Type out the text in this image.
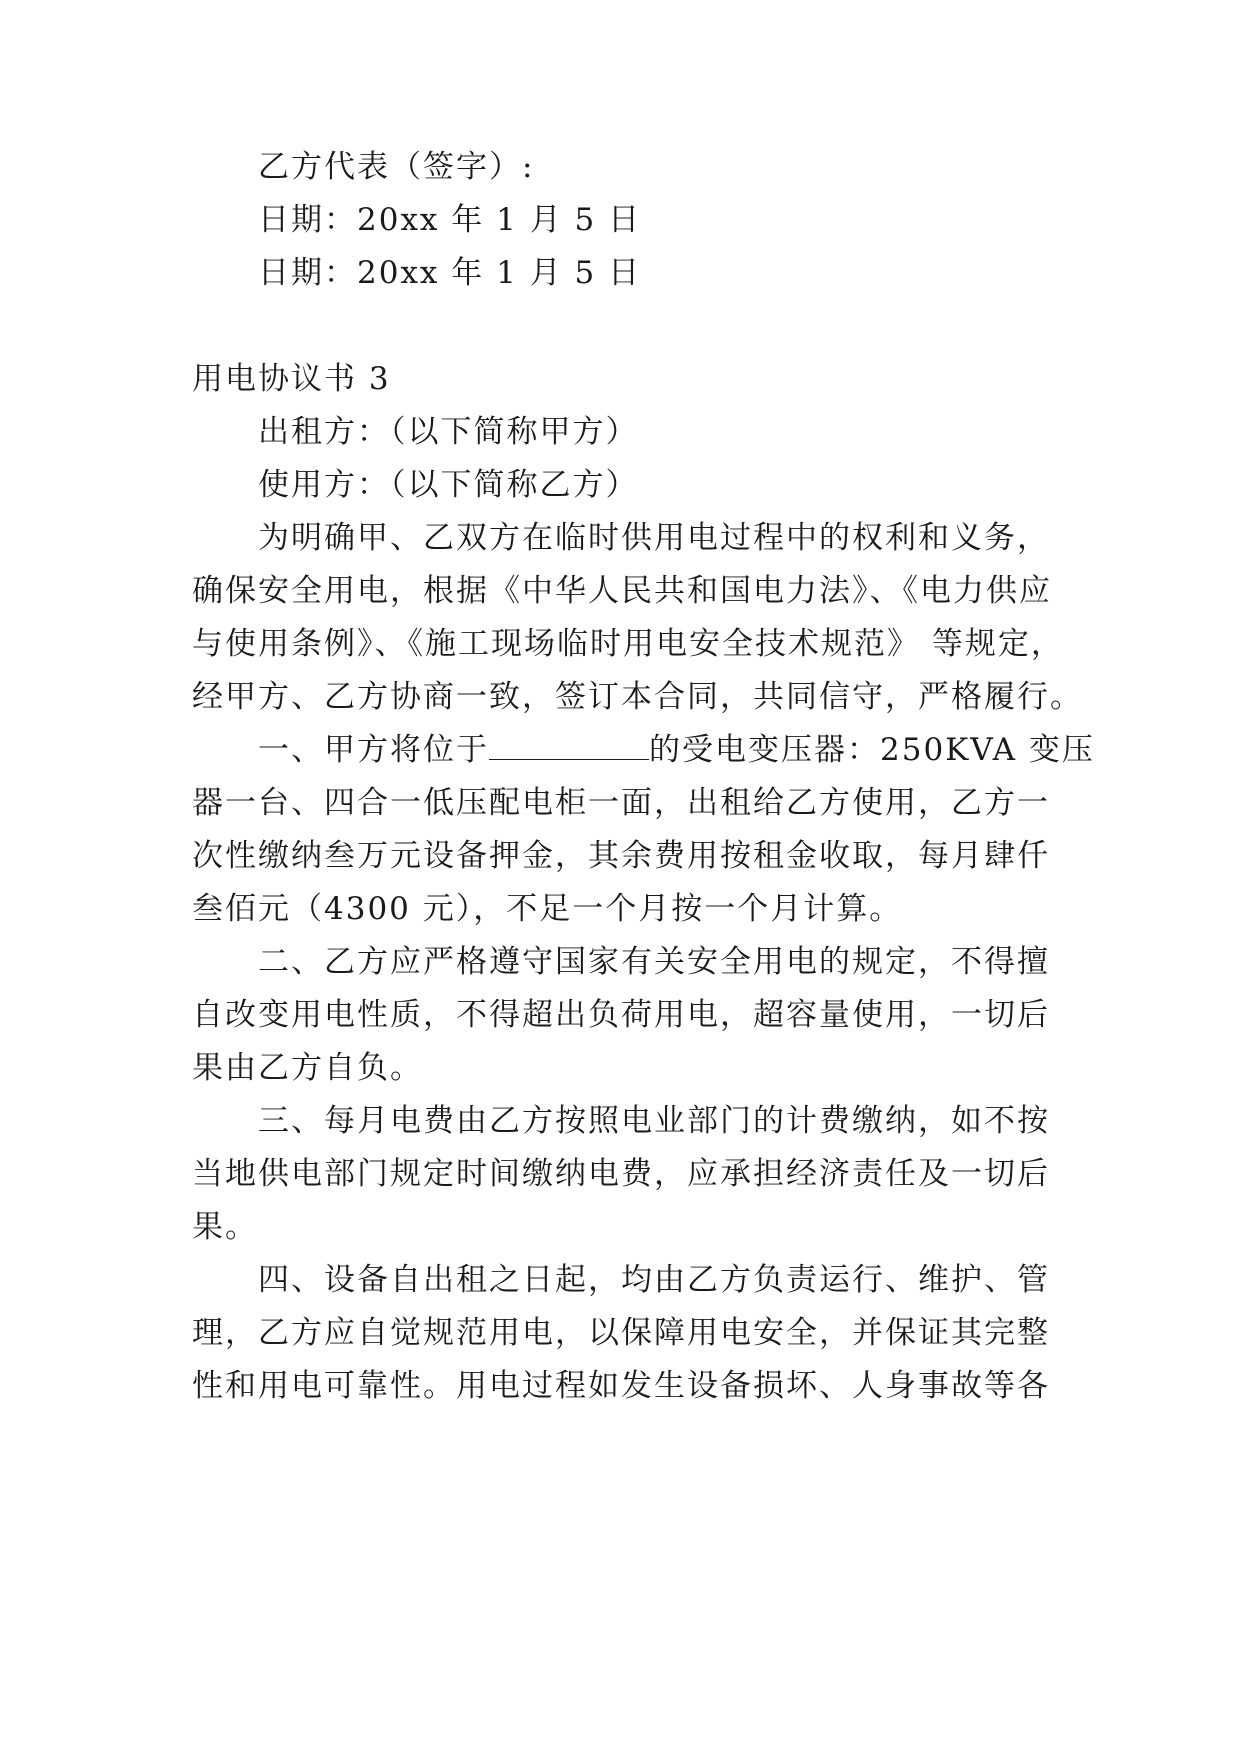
乙方代表（签字）:
日期：20xx 年 1 月 5 日
日期：20xx 年 1 月 5 日
用电协议书 3
出租方：（以下简称甲方）
使用方：（以下简称乙方）
为明确甲、乙双方在临时供用电过程中的权利和义务，
确保安全用电，根据《中华人民共和国电力法》、《电力供应
与使用条例》、《施工现场临时用电安全技术规范》 等规定，
经甲方、乙方协商一致，签订本合同，共同信守，严格履行。
一、甲方将位于	的受电变压器：250KVA 变压
器一台、四合一低压配电柜一面，出租给乙方使用，乙方一
次性缴纳叁万元设备押金，其余费用按租金收取，每月肆仟
叁佰元（4300 元），不足一个月按一个月计算。
二、乙方应严格遵守国家有关安全用电的规定，不得擅
自改变用电性质，不得超出负荷用电，超容量使用，一切后
果由乙方自负。
三、每月电费由乙方按照电业部门的计费缴纳，如不按
当地供电部门规定时间缴纳电费，应承担经济责任及一切后
果。
四、设备自出租之日起，均由乙方负责运行、维护、管
理，乙方应自觉规范用电，以保障用电安全，并保证其完整
性和用电可靠性。用电过程如发生设备损坏、人身事故等各
